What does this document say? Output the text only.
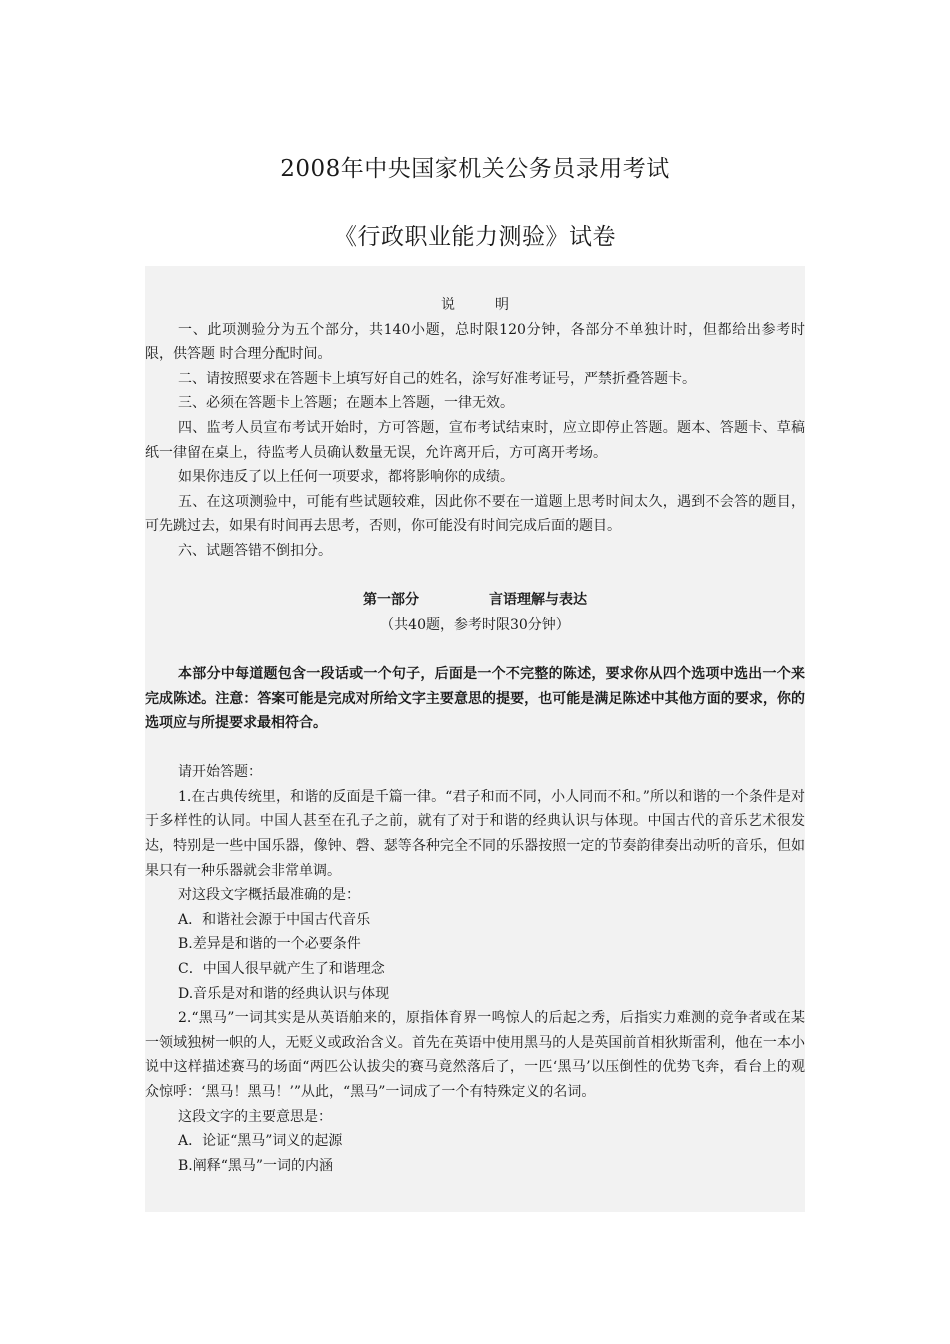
2008年中央国家机关公务员录用考试
《行政职业能力测验》试卷

说	明

一、此项测验分为五个部分，共140小题，总时限120分钟，各部分不单独计时，但都给出参考时限，供答题 时合理分配时间。

二、请按照要求在答题卡上填写好自己的姓名，涂写好准考证号，严禁折叠答题卡。

三、必须在答题卡上答题；在题本上答题，一律无效。

四、监考人员宣布考试开始时，方可答题，宣布考试结束时，应立即停止答题。题本、答题卡、草稿纸一律留在桌上，待监考人员确认数量无误，允许离开后，方可离开考场。

如果你违反了以上任何一项要求，都将影响你的成绩。

五、在这项测验中，可能有些试题较难，因此你不要在一道题上思考时间太久，遇到不会答的题目，可先跳过去，如果有时间再去思考，否则，你可能没有时间完成后面的题目。

六、试题答错不倒扣分。

第一部分	言语理解与表达

（共40题，参考时限30分钟）

本部分中每道题包含一段话或一个句子，后面是一个不完整的陈述，要求你从四个选项中选出一个来完成陈述。注意：答案可能是完成对所给文字主要意思的提要，也可能是满足陈述中其他方面的要求，你的选项应与所提要求最相符合。

请开始答题：

1.在古典传统里，和谐的反面是千篇一律。“君子和而不同，小人同而不和。”所以和谐的一个条件是对于多样性的认同。中国人甚至在孔子之前，就有了对于和谐的经典认识与体现。中国古代的音乐艺术很发达，特别是一些中国乐器，像钟、磬、瑟等各种完全不同的乐器按照一定的节奏韵律奏出动听的音乐，但如果只有一种乐器就会非常单调。

对这段文字概括最准确的是：

A．和谐社会源于中国古代音乐

B.差异是和谐的一个必要条件

C．中国人很早就产生了和谐理念

D.音乐是对和谐的经典认识与体现

2.“黑马”一词其实是从英语舶来的，原指体育界一鸣惊人的后起之秀，后指实力难测的竞争者或在某一领域独树一帜的人，无贬义或政治含义。首先在英语中使用黑马的人是英国前首相狄斯雷利，他在一本小说中这样描述赛马的场面“两匹公认拔尖的赛马竟然落后了，一匹‘黑马’以压倒性的优势飞奔，看台上的观众惊呼：‘黑马！黑马！’”从此，“黑马”一词成了一个有特殊定义的名词。

这段文字的主要意思是：

A．论证“黑马”词义的起源

B.阐释“黑马”一词的内涵
